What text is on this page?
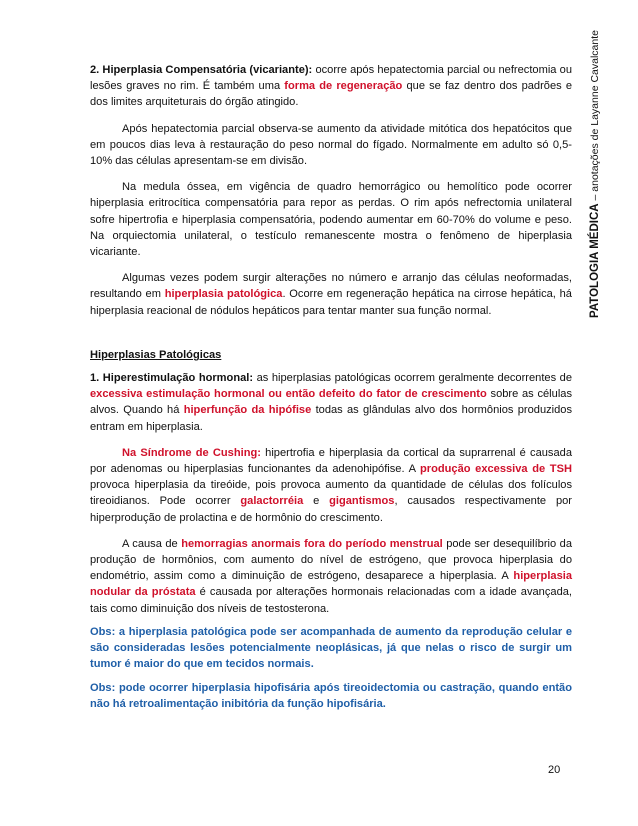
PATOLOGIA MÉDICA – anotações de Layanne Cavalcante

2. Hiperplasia Compensatória (vicariante): ocorre após hepatectomia parcial ou nefrectomia ou lesões graves no rim. É também uma forma de regeneração que se faz dentro dos padrões e dos limites arquiteturais do órgão atingido.

Após hepatectomia parcial observa-se aumento da atividade mitótica dos hepatócitos que em poucos dias leva à restauração do peso normal do fígado. Normalmente em adulto só 0,5-10% das células apresentam-se em divisão.

Na medula óssea, em vigência de quadro hemorrágico ou hemolítico pode ocorrer hiperplasia eritrocítica compensatória para repor as perdas. O rim após nefrectomia unilateral sofre hipertrofia e hiperplasia compensatória, podendo aumentar em 60-70% do volume e peso. Na orquiectomia unilateral, o testículo remanescente mostra o fenômeno de hiperplasia vicariante.

Algumas vezes podem surgir alterações no número e arranjo das células neoformadas, resultando em hiperplasia patológica. Ocorre em regeneração hepática na cirrose hepática, há hiperplasia reacional de nódulos hepáticos para tentar manter sua função normal.

Hiperplasias Patológicas

1. Hiperestimulação hormonal: as hiperplasias patológicas ocorrem geralmente decorrentes de excessiva estimulação hormonal ou então defeito do fator de crescimento sobre as células alvos. Quando há hiperfunção da hipófise todas as glândulas alvo dos hormônios produzidos entram em hiperplasia.

Na Síndrome de Cushing: hipertrofia e hiperplasia da cortical da suprarrenal é causada por adenomas ou hiperplasias funcionantes da adenohipófise. A produção excessiva de TSH provoca hiperplasia da tireóide, pois provoca aumento da quantidade de células dos folículos tireoidianos. Pode ocorrer galactorréia e gigantismos, causados respectivamente por hiperprodução de prolactina e de hormônio do crescimento.

A causa de hemorragias anormais fora do período menstrual pode ser desequilíbrio da produção de hormônios, com aumento do nível de estrógeno, que provoca hiperplasia do endométrio, assim como a diminuição de estrógeno, desaparece a hiperplasia. A hiperplasia nodular da próstata é causada por alterações hormonais relacionadas com a idade avançada, tais como diminuição dos níveis de testosterona.

Obs: a hiperplasia patológica pode ser acompanhada de aumento da reprodução celular e são consideradas lesões potencialmente neoplásicas, já que nelas o risco de surgir um tumor é maior do que em tecidos normais.

Obs: pode ocorrer hiperplasia hipofisária após tireoidectomia ou castração, quando então não há retroalimentação inibitória da função hipofisária.

20
